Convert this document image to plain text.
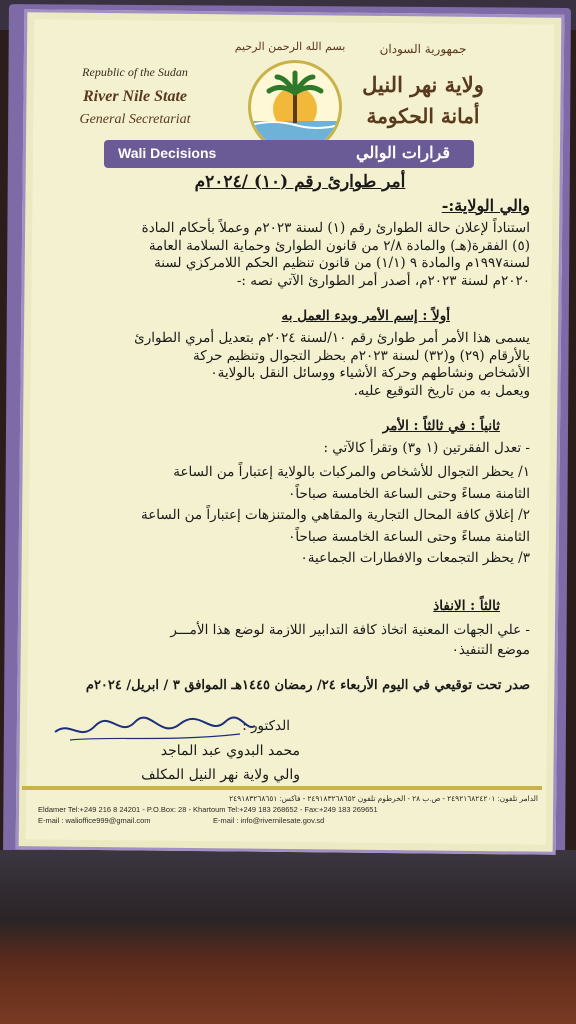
Republic of the Sudan
River Nile State
General Secretariat
جمهورية السودان
ولاية نهر النيل
أمانة الحكومة
بسم الله الرحمن الرحيم
Wali Decisions	قرارات الوالي
أمر طوارئ رقم (١٠) /٢٠٢٤م
والي الولاية:-
استناداً لإعلان حالة الطوارئ رقم (١) لسنة ٢٠٢٣م وعملاً بأحكام المادة
(٥) الفقرة(هـ) والمادة ٢/٨ من قانون الطوارئ وحماية السلامة العامة
لسنة١٩٩٧م والمادة ٩ (١/١) من قانون تنظيم الحكم اللامركزي لسنة
٢٠٢٠م لسنة ٢٠٢٣م، أصدر أمر الطوارئ الآتي نصه :-
أولاً : إسم الأمر وبدء العمل به
يسمى هذا الأمر أمر طوارئ رقم ١٠/لسنة ٢٠٢٤م بتعديل أمري الطوارئ
بالأرقام (٢٩) و(٣٢) لسنة ٢٠٢٣م بحظر التجوال وتنظيم حركة
الأشخاص ونشاطهم وحركة الأشياء ووسائل النقل بالولاية٠
ويعمل به من تاريخ التوقيع عليه.
ثانياً : في ثالثاً : الأمر
- تعدل الفقرتين (١ و٣) وتقرأ كالآتي :
١/ يحظر التجوال للأشخاص والمركبات بالولاية إعتباراً من الساعة
الثامنة مساءً وحتى الساعة الخامسة صباحاً٠
٢/ إغلاق كافة المحال التجارية والمقاهي والمتنزهات إعتباراً من الساعة
الثامنة مساءً وحتى الساعة الخامسة صباحاً٠
٣/ يحظر التجمعات والافطارات الجماعية٠
ثالثاً : الانفاذ
- علي الجهات المعنية اتخاذ كافة التدابير اللازمة لوضع هذا الأمـــر
موضع التنفيذ٠
صدر تحت توقيعي في اليوم الأربعاء ٢٤/ رمضان ١٤٤٥هـ الموافق ٣ / ابريل/ ٢٠٢٤م
الدكتور :
محمد البدوي عبد الماجد
والي ولاية نهر النيل المكلف
الدامر تلفون: ٢٤٩٢١٦٨٢٤٢٠١ - ص.ب ٢٨ - الخرطوم تلفون ٢٤٩١٨٣٢٦٨٦٥٢ - فاكس: ٢٤٩١٨٣٢٦٨٦٥١
Eldamer Tel:+249 216 8 24201 - P.O.Box: 28 - Khartoum Tel:+249 183 268652 - Fax:+249 183 269651
E-mail : walioffice999@gmail.com                              E-mail : info@rivernilesate.gov.sd
